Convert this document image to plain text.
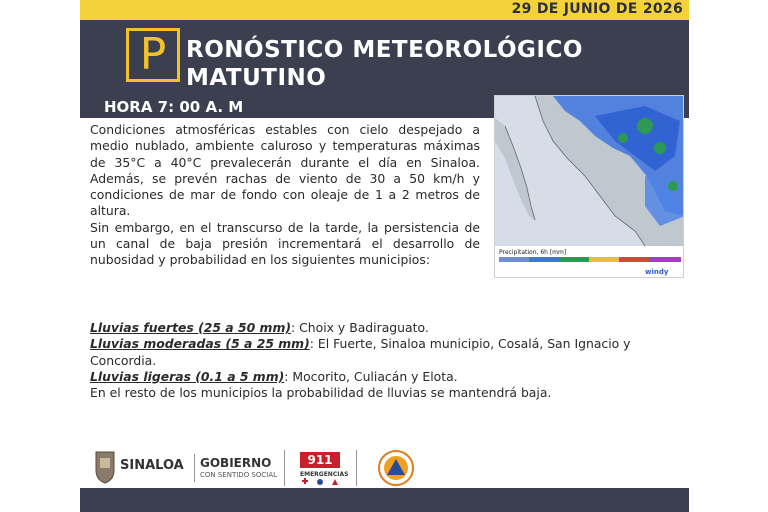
29 DE JUNIO DE 2026
P RONÓSTICO METEOROLÓGICO
MATUTINO
HORA 7: 00 A. M
Precipitation, 6h [mm]
windy

Condiciones atmosféricas estables con cielo despejado a medio nublado, ambiente caluroso y temperaturas máximas de 35°C a 40°C prevalecerán durante el día en Sinaloa. Además, se prevén rachas de viento de 30 a 50 km/h y condiciones de mar de fondo con oleaje de 1 a 2 metros de altura.

Sin embargo, en el transcurso de la tarde, la persistencia de un canal de baja presión incrementará el desarrollo de nubosidad y probabilidad en los siguientes municipios:

Lluvias fuertes (25 a 50 mm): Choix y Badiraguato.

Lluvias moderadas (5 a 25 mm): El Fuerte, Sinaloa municipio, Cosalá, San Ignacio y Concordia.

Lluvias ligeras (0.1 a 5 mm): Mocorito, Culiacán y Elota.

En el resto de los municipios la probabilidad de lluvias se mantendrá baja.

SINALOA GOBIERNO
CON SENTIDO SOCIAL
911
EMERGENCIAS
